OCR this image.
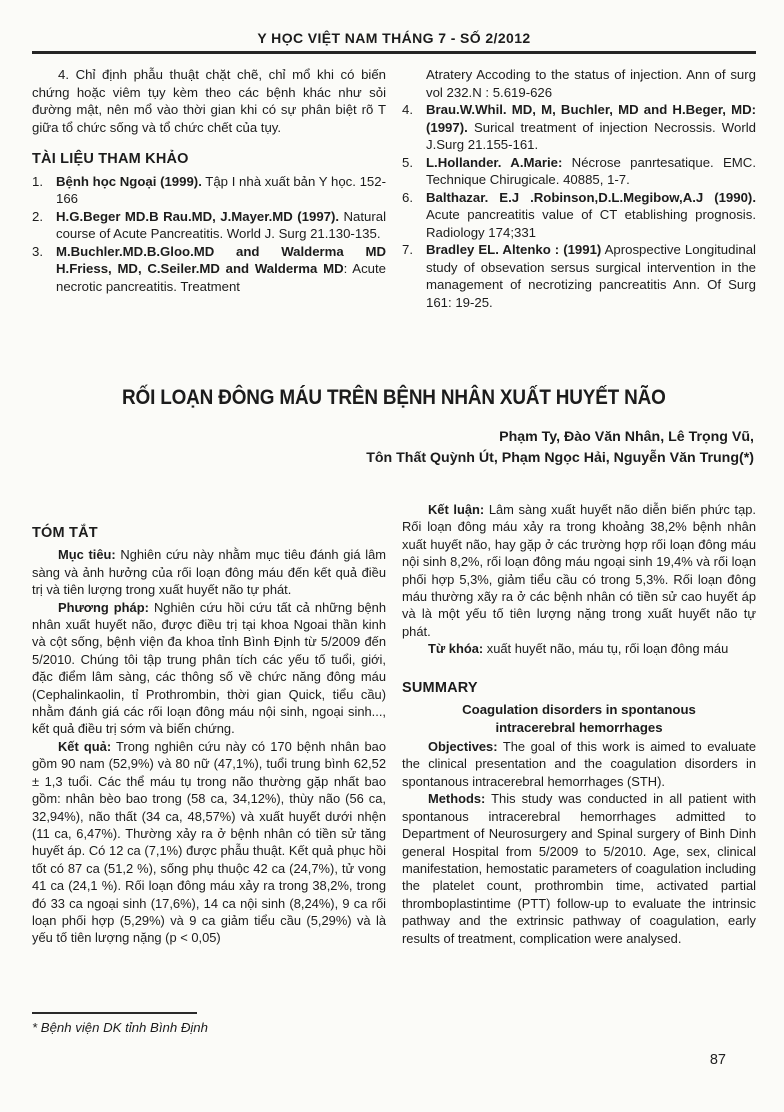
Y HỌC VIỆT NAM THÁNG 7 - SỐ 2/2012

4. Chỉ định phẫu thuật chặt chẽ, chỉ mổ khi có biến chứng hoặc viêm tụy kèm theo các bệnh khác như sỏi đường mật, nên mổ vào thời gian khi có sự phân biệt rõ T giữa tổ chức sống và tổ chức chết của tụy.

TÀI LIỆU THAM KHẢO
1. Bệnh học Ngoại (1999). Tập I nhà xuất bản Y học. 152-166
2. H.G.Beger MD.B Rau.MD, J.Mayer.MD (1997). Natural course of Acute Pancreatitis. World J. Surg 21.130-135.
3. M.Buchler.MD.B.Gloo.MD and Walderma MD H.Friess, MD, C.Seiler.MD and Walderma MD: Acute necrotic pancreatitis. Treatment

Atratery Accoding to the status of injection. Ann of surg vol 232.N : 5.619-626

4. Brau.W.Whil. MD, M, Buchler, MD and H.Beger, MD: (1997). Surical treatment of injection Necrossis. World J.Surg 21.155-161.
5. L.Hollander. A.Marie: Nécrose panrtesatique. EMC. Technique Chirugicale. 40885, 1-7.
6. Balthazar. E.J .Robinson,D.L.Megibow,A.J (1990). Acute pancreatitis value of CT etablishing prognosis. Radiology 174;331
7. Bradley EL. Altenko : (1991) Aprospective Longitudinal study of obsevation sersus surgical intervention in the management of necrotizing pancreatitis Ann. Of Surg 161: 19-25.
RỐI LOẠN ĐÔNG MÁU TRÊN BỆNH NHÂN XUẤT HUYẾT NÃO
Phạm Ty, Đào Văn Nhân, Lê Trọng Vũ,
Tôn Thất Quỳnh Út, Phạm Ngọc Hải, Nguyễn Văn Trung(*)
TÓM TẮT

Mục tiêu: Nghiên cứu này nhằm mục tiêu đánh giá lâm sàng và ảnh hưởng của rối loạn đông máu đến kết quả điều trị và tiên lượng trong xuất huyết não tự phát.

Phương pháp: Nghiên cứu hồi cứu tất cả những bệnh nhân xuất huyết não, được điều trị tại khoa Ngoai thần kinh và cột sống, bệnh viện đa khoa tỉnh Bình Định từ 5/2009 đến 5/2010. Chúng tôi tập trung phân tích các yếu tố tuổi, giới, đặc điểm lâm sàng, các thông số về chức năng đông máu (Cephalinkaolin, tỉ Prothrombin, thời gian Quick, tiểu cầu) nhằm đánh giá các rối loạn đông máu nội sinh, ngoại sinh..., kết quả điều trị sớm và biến chứng.

Kết quả: Trong nghiên cứu này có 170 bệnh nhân bao gồm 90 nam (52,9%) và 80 nữ (47,1%), tuổi trung bình 62,52 ± 1,3 tuổi. Các thể máu tụ trong não thường gặp nhất bao gồm: nhân bèo bao trong (58 ca, 34,12%), thùy não (56 ca, 32,94%), não thất (34 ca, 48,57%) và xuất huyết dưới nhện (11 ca, 6,47%). Thường xảy ra ở bệnh nhân có tiền sử tăng huyết áp. Có 12 ca (7,1%) được phẫu thuật. Kết quả phục hồi tốt có 87 ca (51,2 %), sống phụ thuộc 42 ca (24,7%), tử vong 41 ca (24,1 %). Rối loạn đông máu xảy ra trong 38,2%, trong đó 33 ca ngoại sinh (17,6%), 14 ca nội sinh (8,24%), 9 ca rối loạn phối hợp (5,29%) và 9 ca giảm tiểu cầu (5,29%) và là yếu tố tiên lượng nặng (p < 0,05)

Kết luận: Lâm sàng xuất huyết não diễn biến phức tạp. Rối loạn đông máu xảy ra trong khoảng 38,2% bệnh nhân xuất huyết não, hay gặp ở các trường hợp rối loạn đông máu nội sinh 8,2%, rối loạn đông máu ngoại sinh 19,4% và rối loạn phối hợp 5,3%, giảm tiểu cầu có trong 5,3%. Rối loạn đông máu thường xãy ra ở các bệnh nhân có tiền sử cao huyết áp và là một yếu tố tiên lượng nặng trong xuất huyết não tự phát.

Từ khóa: xuất huyết não, máu tụ, rối loạn đông máu

SUMMARY
Coagulation disorders in spontanous
intracerebral hemorrhages

Objectives: The goal of this work is aimed to evaluate the clinical presentation and the coagulation disorders in spontanous intracerebral hemorrhages (STH).

Methods: This study was conducted in all patient with spontanous intracerebral hemorrhages admitted to Department of Neurosurgery and Spinal surgery of Binh Dinh general Hospital from 5/2009 to 5/2010. Age, sex, clinical manifestation, hemostatic parameters of coagulation including the platelet count, prothrombin time, activated partial thromboplastintime (PTT) follow-up to evaluate the intrinsic pathway and the extrinsic pathway of coagulation, early results of treatment, complication were analysed.

* Bệnh viện DK tỉnh Bình Định
87
